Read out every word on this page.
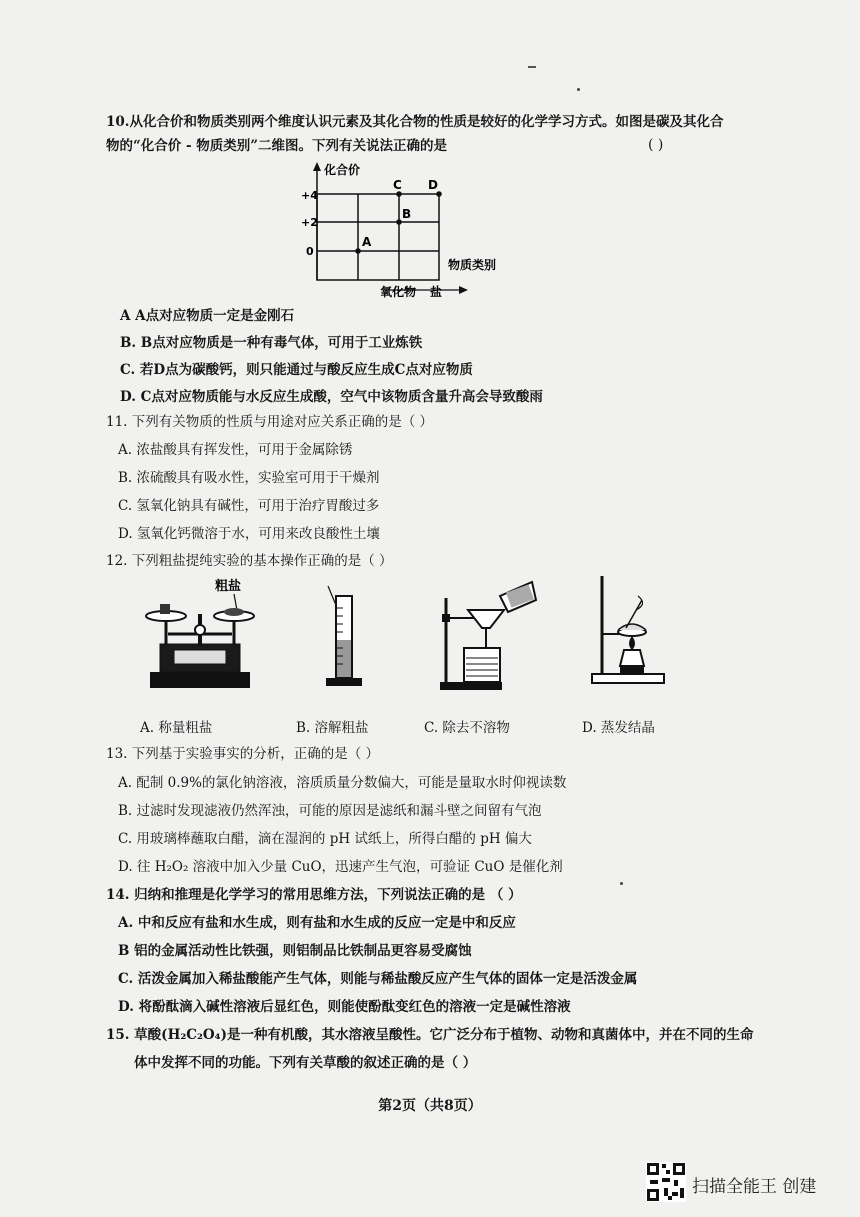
10.从化合价和物质类别两个维度认识元素及其化合物的性质是较好的化学学习方式。如图是碳及其化合
物的“化合价 - 物质类别”二维图。下列有关说法正确的是	( )
+4
+2
0
化合价
物质类别
氧化物 盐
A
B
C D
A A点对应物质一定是金刚石
B. B点对应物质是一种有毒气体，可用于工业炼铁
C. 若D点为碳酸钙，则只能通过与酸反应生成C点对应物质
D. C点对应物质能与水反应生成酸，空气中该物质含量升高会导致酸雨
11. 下列有关物质的性质与用途对应关系正确的是（ ）
A. 浓盐酸具有挥发性，可用于金属除锈
B. 浓硫酸具有吸水性，实验室可用于干燥剂
C. 氢氧化钠具有碱性，可用于治疗胃酸过多
D. 氢氧化钙微溶于水，可用来改良酸性土壤
12. 下列粗盐提纯实验的基本操作正确的是（ ）
粗盐
A. 称量粗盐	B. 溶解粗盐	C. 除去不溶物	D. 蒸发结晶
13. 下列基于实验事实的分析，正确的是（ ）
A. 配制 0.9%的氯化钠溶液，溶质质量分数偏大，可能是量取水时仰视读数
B. 过滤时发现滤液仍然浑浊，可能的原因是滤纸和漏斗壁之间留有气泡
C. 用玻璃棒蘸取白醋，滴在湿润的 pH 试纸上，所得白醋的 pH 偏大
D. 往 H₂O₂ 溶液中加入少量 CuO，迅速产生气泡，可验证 CuO 是催化剂
14. 归纳和推理是化学学习的常用思维方法，下列说法正确的是 （ ）
A. 中和反应有盐和水生成，则有盐和水生成的反应一定是中和反应
B 铝的金属活动性比铁强，则铝制品比铁制品更容易受腐蚀
C. 活泼金属加入稀盐酸能产生气体，则能与稀盐酸反应产生气体的固体一定是活泼金属
D. 将酚酞滴入碱性溶液后显红色，则能使酚酞变红色的溶液一定是碱性溶液
15. 草酸(H₂C₂O₄)是一种有机酸，其水溶液呈酸性。它广泛分布于植物、动物和真菌体中，并在不同的生命
体中发挥不同的功能。下列有关草酸的叙述正确的是（ ）
第2页（共8页）
扫描全能王 创建
